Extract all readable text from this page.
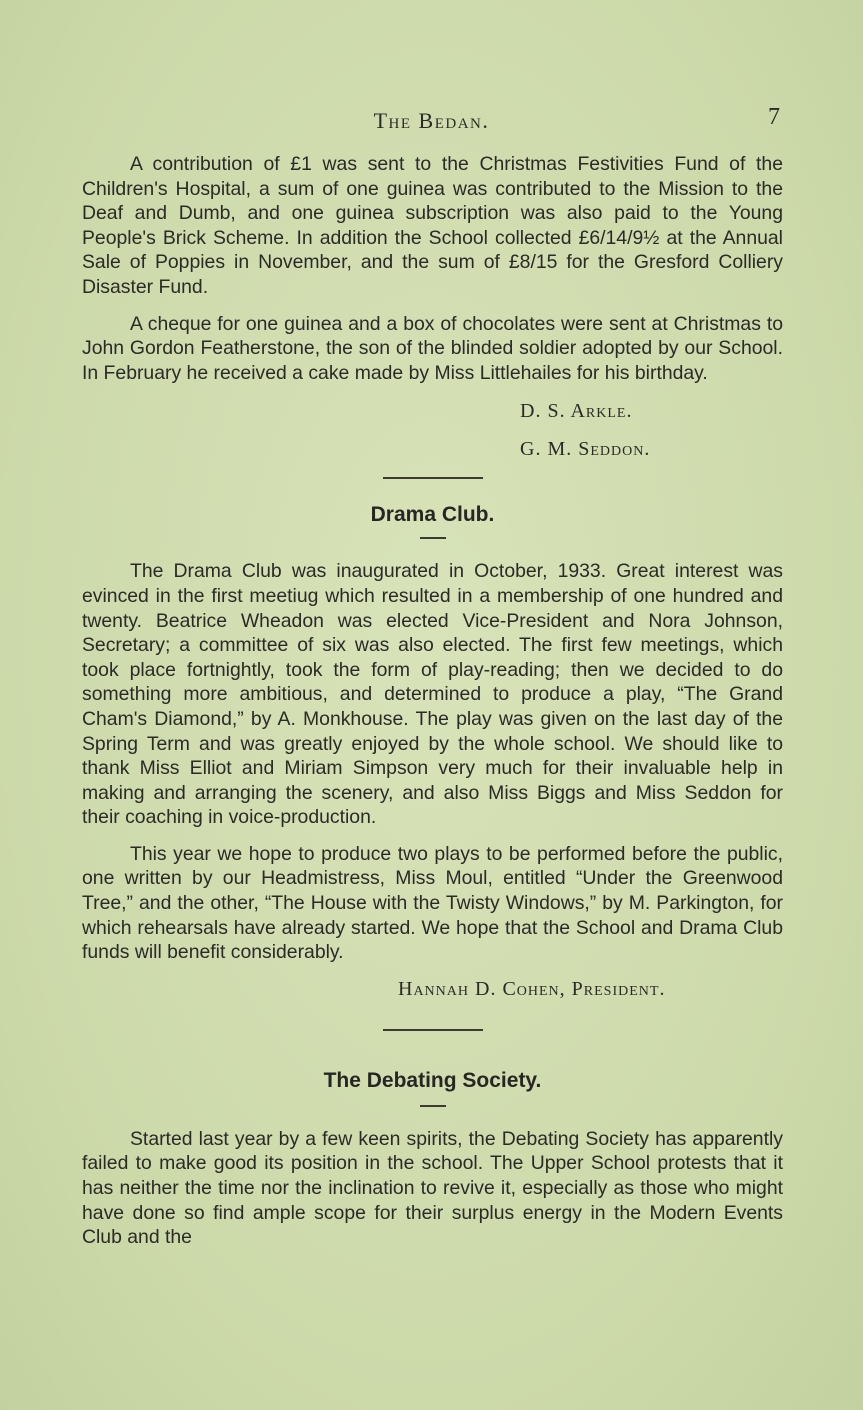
The Bedan.	7

A contribution of £1 was sent to the Christmas Festivities Fund of the Children's Hospital, a sum of one guinea was contributed to the Mission to the Deaf and Dumb, and one guinea subscription was also paid to the Young People's Brick Scheme. In addition the School collected £6/14/9½ at the Annual Sale of Poppies in November, and the sum of £8/15 for the Gresford Colliery Disaster Fund.

A cheque for one guinea and a box of chocolates were sent at Christmas to John Gordon Featherstone, the son of the blinded soldier adopted by our School. In February he received a cake made by Miss Littlehailes for his birthday.

D. S. Arkle.
G. M. Seddon.
Drama Club.

The Drama Club was inaugurated in October, 1933. Great interest was evinced in the first meetiug which resulted in a membership of one hundred and twenty. Beatrice Wheadon was elected Vice-President and Nora Johnson, Secretary; a committee of six was also elected. The first few meetings, which took place fortnightly, took the form of play-reading; then we decided to do something more ambitious, and determined to produce a play, “The Grand Cham's Diamond,” by A. Monkhouse. The play was given on the last day of the Spring Term and was greatly enjoyed by the whole school. We should like to thank Miss Elliot and Miriam Simpson very much for their invaluable help in making and arranging the scenery, and also Miss Biggs and Miss Seddon for their coaching in voice-production.

This year we hope to produce two plays to be performed before the public, one written by our Headmistress, Miss Moul, entitled “Under the Greenwood Tree,” and the other, “The House with the Twisty Windows,” by M. Parkington, for which rehearsals have already started. We hope that the School and Drama Club funds will benefit considerably.

Hannah D. Cohen, President.
The Debating Society.

Started last year by a few keen spirits, the Debating Society has apparently failed to make good its position in the school. The Upper School protests that it has neither the time nor the inclination to revive it, especially as those who might have done so find ample scope for their surplus energy in the Modern Events Club and the
